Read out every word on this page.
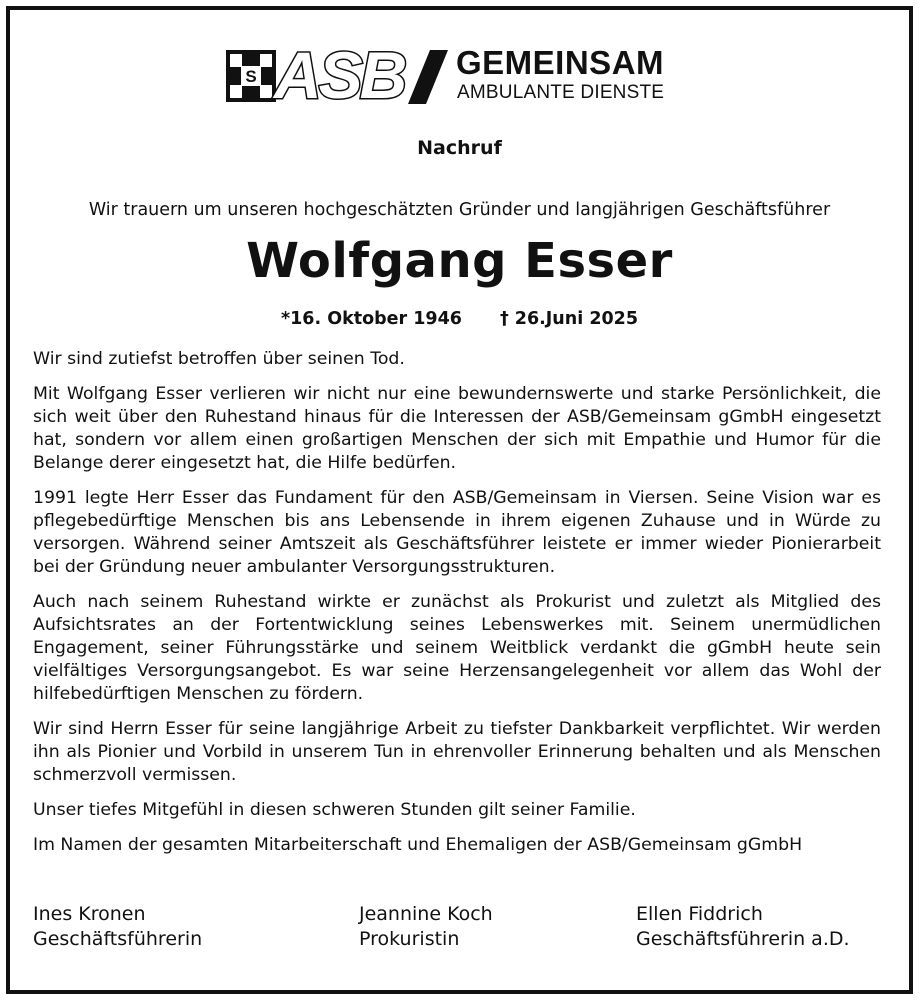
S ASB GEMEINSAM
AMBULANTE DIENSTE
Nachruf
Wir trauern um unseren hochgeschätzten Gründer und langjährigen Geschäftsführer
Wolfgang Esser
*16. Oktober 1946 † 26.Juni 2025

Wir sind zutiefst betroffen über seinen Tod.

Mit Wolfgang Esser verlieren wir nicht nur eine bewundernswerte und starke Persönlichkeit, die sich weit über den Ruhestand hinaus für die Interessen der ASB/Gemeinsam gGmbH eingesetzt hat, sondern vor allem einen großartigen Menschen der sich mit Empathie und Humor für die Belange derer eingesetzt hat, die Hilfe bedürfen.

1991 legte Herr Esser das Fundament für den ASB/Gemeinsam in Viersen. Seine Vision war es pflegebedürftige Menschen bis ans Lebensende in ihrem eigenen Zuhause und in Würde zu versorgen. Während seiner Amtszeit als Geschäftsführer leistete er immer wieder Pionierarbeit bei der Gründung neuer ambulanter Versorgungsstrukturen.

Auch nach seinem Ruhestand wirkte er zunächst als Prokurist und zuletzt als Mitglied des Aufsichtsrates an der Fortentwicklung seines Lebenswerkes mit. Seinem unermüdlichen Engagement, seiner Führungsstärke und seinem Weitblick verdankt die gGmbH heute sein vielfältiges Versorgungsangebot. Es war seine Herzensangelegenheit vor allem das Wohl der hilfebedürftigen Menschen zu fördern.

Wir sind Herrn Esser für seine langjährige Arbeit zu tiefster Dankbarkeit verpflichtet. Wir werden ihn als Pionier und Vorbild in unserem Tun in ehrenvoller Erinnerung behalten und als Menschen schmerzvoll vermissen.

Unser tiefes Mitgefühl in diesen schweren Stunden gilt seiner Familie.

Im Namen der gesamten Mitarbeiterschaft und Ehemaligen der ASB/Gemeinsam gGmbH

Ines Kronen
Geschäftsführerin
Jeannine Koch
Prokuristin
Ellen Fiddrich
Geschäftsführerin a.D.
